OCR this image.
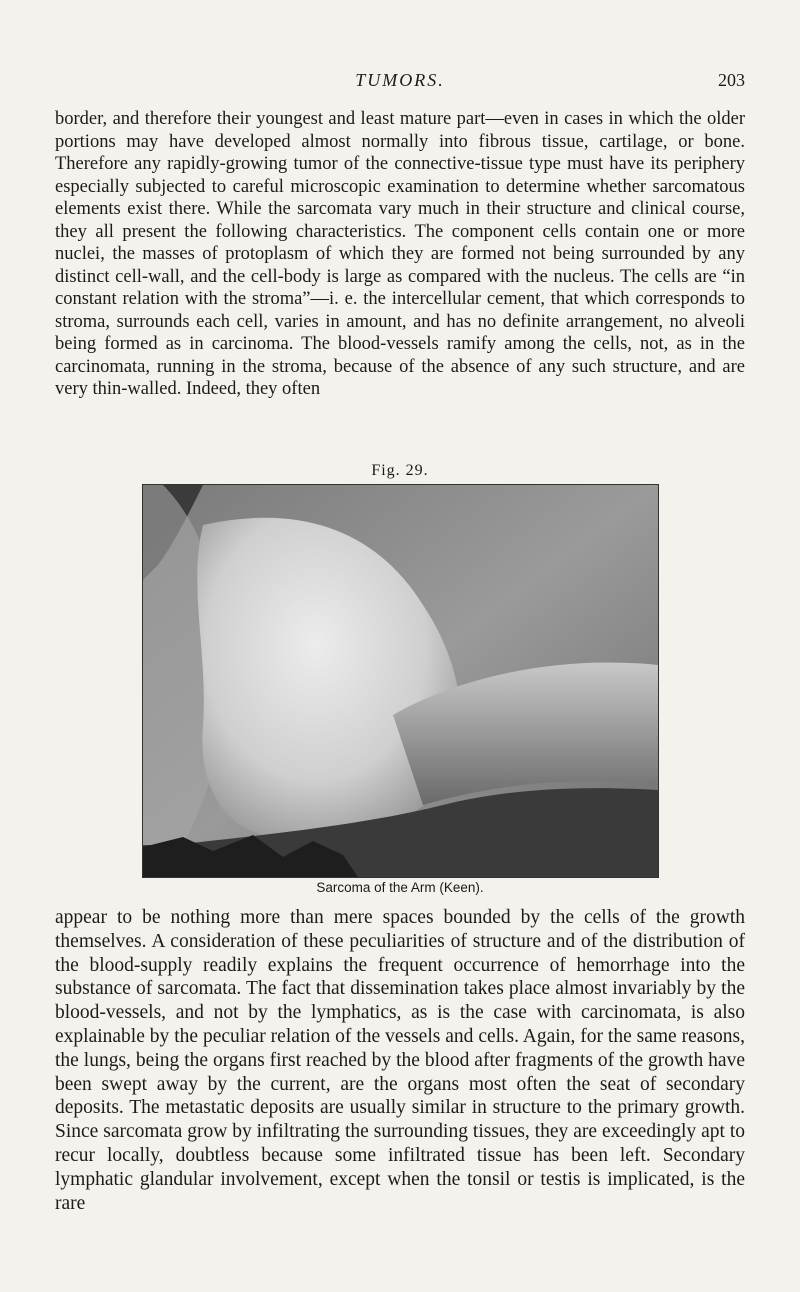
TUMORS.	203

border, and therefore their youngest and least mature part—even in cases in which the older portions may have developed almost normally into fibrous tissue, cartilage, or bone. Therefore any rapidly-growing tumor of the connective-tissue type must have its periphery especially subjected to careful microscopic examination to determine whether sarcomatous elements exist there. While the sarcomata vary much in their structure and clinical course, they all present the following characteristics. The component cells contain one or more nuclei, the masses of protoplasm of which they are formed not being surrounded by any distinct cell-wall, and the cell-body is large as compared with the nucleus. The cells are “in constant relation with the stroma”—i. e. the intercellular cement, that which corresponds to stroma, surrounds each cell, varies in amount, and has no definite arrangement, no alveoli being formed as in carcinoma. The blood-vessels ramify among the cells, not, as in the carcinomata, running in the stroma, because of the absence of any such structure, and are very thin-walled. Indeed, they often

Fig. 29.
Sarcoma of the Arm (Keen).

appear to be nothing more than mere spaces bounded by the cells of the growth themselves. A consideration of these peculiarities of structure and of the distribution of the blood-supply readily explains the frequent occurrence of hemorrhage into the substance of sarcomata. The fact that dissemination takes place almost invariably by the blood-vessels, and not by the lymphatics, as is the case with carcinomata, is also explainable by the peculiar relation of the vessels and cells. Again, for the same reasons, the lungs, being the organs first reached by the blood after fragments of the growth have been swept away by the current, are the organs most often the seat of secondary deposits. The metastatic deposits are usually similar in structure to the primary growth. Since sarcomata grow by infiltrating the surrounding tissues, they are exceedingly apt to recur locally, doubtless because some infiltrated tissue has been left. Secondary lymphatic glandular involvement, except when the tonsil or testis is implicated, is the rare
